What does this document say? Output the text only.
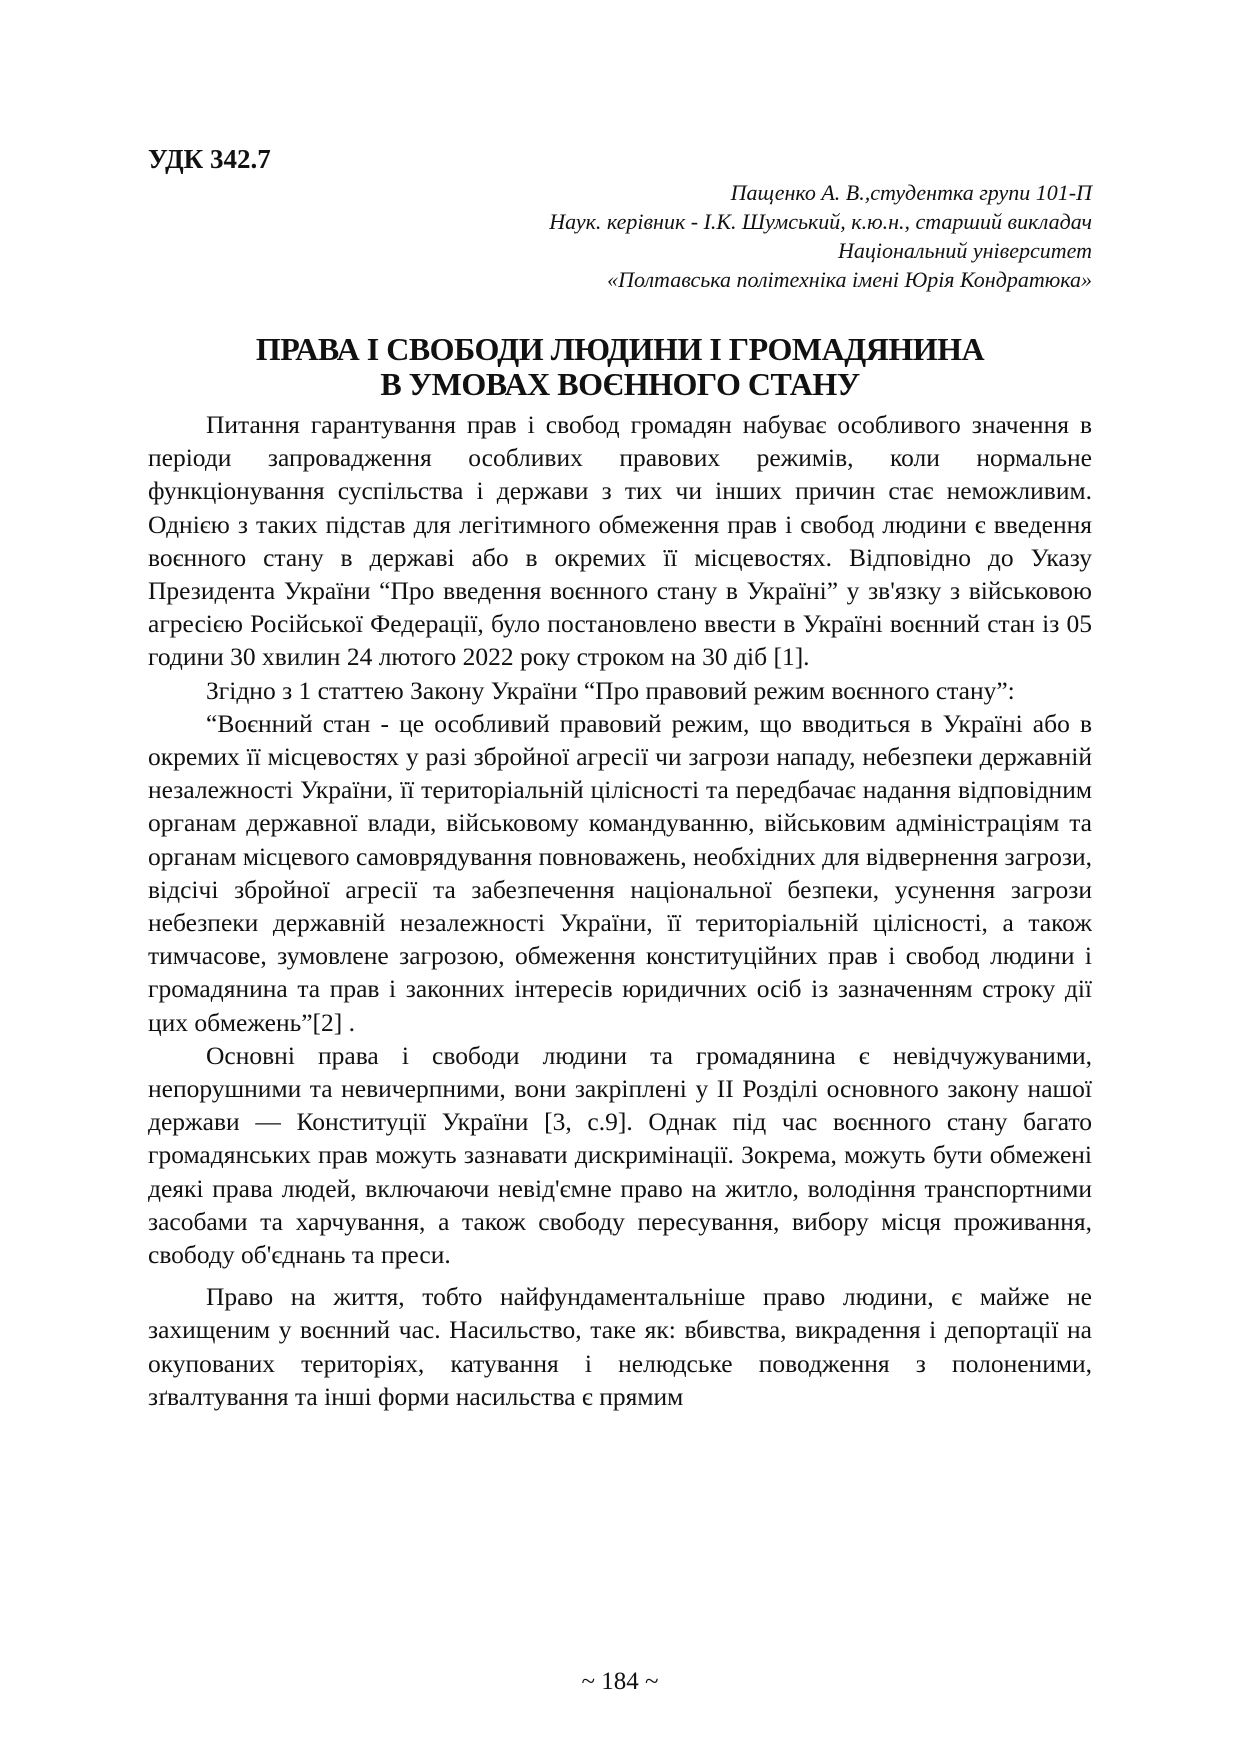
УДК 342.7

Пащенко А. В.,студентка групи 101-П
Наук. керівник - І.К. Шумський, к.ю.н., старший викладач
Національний університет
«Полтавська політехніка імені Юрія Кондратюка»
ПРАВА І СВОБОДИ ЛЮДИНИ І ГРОМАДЯНИНА
В УМОВАХ ВОЄННОГО СТАНУ

Питання гарантування прав і свобод громадян набуває особливого значення в періоди запровадження особливих правових режимів, коли нормальне функціонування суспільства і держави з тих чи інших причин стає неможливим. Однією з таких підстав для легітимного обмеження прав і свобод людини є введення воєнного стану в державі або в окремих її місцевостях. Відповідно до Указу Президента України “Про введення воєнного стану в Україні” у зв'язку з військовою агресією Російської Федерації, було постановлено ввести в Україні воєнний стан із 05 години 30 хвилин 24 лютого 2022 року строком на 30 діб [1].

Згідно з 1 статтею Закону України “Про правовий режим воєнного стану”:

“Воєнний стан - це особливий правовий режим, що вводиться в Україні або в окремих її місцевостях у разі збройної агресії чи загрози нападу, небезпеки державній незалежності України, її територіальній цілісності та передбачає надання відповідним органам державної влади, військовому командуванню, військовим адміністраціям та органам місцевого самоврядування повноважень, необхідних для відвернення загрози, відсічі збройної агресії та забезпечення національної безпеки, усунення загрози небезпеки державній незалежності України, її територіальній цілісності, а також тимчасове, зумовлене загрозою, обмеження конституційних прав і свобод людини і громадянина та прав і законних інтересів юридичних осіб із зазначенням строку дії цих обмежень”[2] .

Основні права і свободи людини та громадянина є невідчужуваними, непорушними та невичерпними, вони закріплені у ІІ Розділі основного закону нашої держави — Конституції України [3, с.9]. Однак під час воєнного стану багато громадянських прав можуть зазнавати дискримінації. Зокрема, можуть бути обмежені деякі права людей, включаючи невід'ємне право на житло, володіння транспортними засобами та харчування, а також свободу пересування, вибору місця проживання, свободу об'єднань та преси.

Право на життя, тобто найфундаментальніше право людини, є майже не захищеним у воєнний час. Насильство, таке як: вбивства, викрадення і депортації на окупованих територіях, катування і нелюдське поводження з полоненими, зґвалтування та інші форми насильства є прямим

~ 184 ~
